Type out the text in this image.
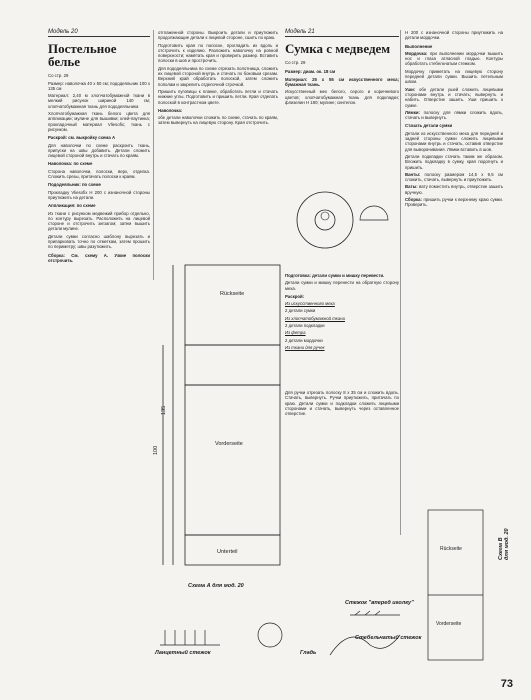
Модель 20
Постельное белье

Со стр. 29

Размер: наволочка 40 х 50 см; пододеяльник 100 х 135 см

Материал: 2,40 м хлопчатобумажной ткани в мелкий рисунок шириной 140 см; хлопчатобумажная ткань для пододеяльника

Хлопчатобумажная ткань белого цвета для аппликации; мулине для вышивки; клей-паутинка; прокладочный материал Vliesofix; ткань с рисунком.

Раскрой: см. выкройку схема А

Для наволочки по схеме раскроить ткань, припуски на швы добавить. Детали сложить лицевой стороной внутрь и стачать по краям.

Наволочка: по схеме

Сторона наволочки, полоски, верх, отделка. Сложить срезы, притачать полоски к краям.

Пододеяльник: по схеме

Прокладку Vliesofix Н 200 с изнаночной стороны приутюжить на детали.

Аппликация: по схеме

Из ткани с рисунком медвежий прибор отдельно, по контуру вырезать. Расположить на лицевой стороне и отстрочить зигзагом; затем вышить детали мулине.

Детали сумки согласно шаблону вырезать и припарковать точно по отметкам, затем прошить по периметру; швы разутюжить.

Сборка: См. схему А. Узкие полоски отстрочить.

отглаженной стороны. Выкроить детали и приутюжить продолжающие детали к лицевой стороне, сшить по краю.

Подготовить края по полоске, прогладить их вдоль и отстрочить к изделию. Разложить наволочку на ровной поверхности; намётать края и проверить размер. Вставить полоски в шов и прострочить.

Для пододеяльника по схеме отрезать полотнища, сложить их лицевой стороной внутрь и стачать по боковым срезам. Верхний край обработать полоской, затем сложить пополам и закрепить отделочной строчкой.

Пришить пуговицы к планке, обработать петли и стачать нижние углы. Подготовить и пришить петли. Края отделать полоской в контрастном цвете.

Наволочка:

обе детали наволочки сложить по схеме, стачать по краям, затем вывернуть на лицевую сторону. Края отстрочить.

Модель 21
Сумка с медведем

Со стр. 29

Размер: диам. ок. 18 см

Материал: 25 х 55 см искусственного меха; бумажная ткань.

Искусственный мех белого, серого и коричневого цветов; хлопчатобумажная ткань для подкладки; флизелин Н 180; мулине; синтепон.

Подготовка: детали сумки и мишку перевести.

Детали сумки и мишку перенести на обратную сторону меха.

Раскрой:

Из искусственного меха

2 детали сумки

Из хлопчатобумажной ткани

2 детали подкладки

Из фетра

2 детали мордочки

Из ткани для ручек

Для ручки отрезать полоску 8 х 35 см и сложить вдоль. Стачать, вывернуть. Ручки приутюжить, притачать по краю. Детали сумки и подкладки сложить лицевыми сторонами и стачать, вывернуть через оставленное отверстие.

Н 200 с изнаночной стороны приутюжить на детали мордочки.

Выполнение

Мордочка: при выполнении мордочки вышить нос и глаза атласной гладью. Контуры обработать стебельчатым стежком.

Мордочку приметать на лицевую сторону передней детали сумки. Вышить петельным швом.

Уши: обе детали ушей сложить лицевыми сторонами внутрь и стачать; вывернуть и набить. Отверстие зашить. Уши пришить к сумке.

Лямки: полоску для лямки сложить вдоль, стачать и вывернуть.

Стачать детали сумки

Детали из искусственного меха для передней и задней стороны сумки сложить лицевыми сторонами внутрь и стачать, оставив отверстие для выворачивания. Лямки вставить в шов.

Детали подкладки стачать таким же образом. Вложить подкладку в сумку, края подогнуть и пришить.

Ванты: полоску размером 14,5 х 9,5 см сложить, стачать, вывернуть и приутюжить.

Ваты: вату поместить внутрь, отверстие зашить вручную.

Сборка: пришить ручки к верхнему краю сумки. Проверить.

Rückseite
Vorderseite
Unterteil
135
100
Схема А для мод. 20
Rückseite
Vorderseite
Схема В для мод. 20
Ланцетный стежок	Гладь
Стебельчатый стежок
Стежок "вперед иголку"
73
